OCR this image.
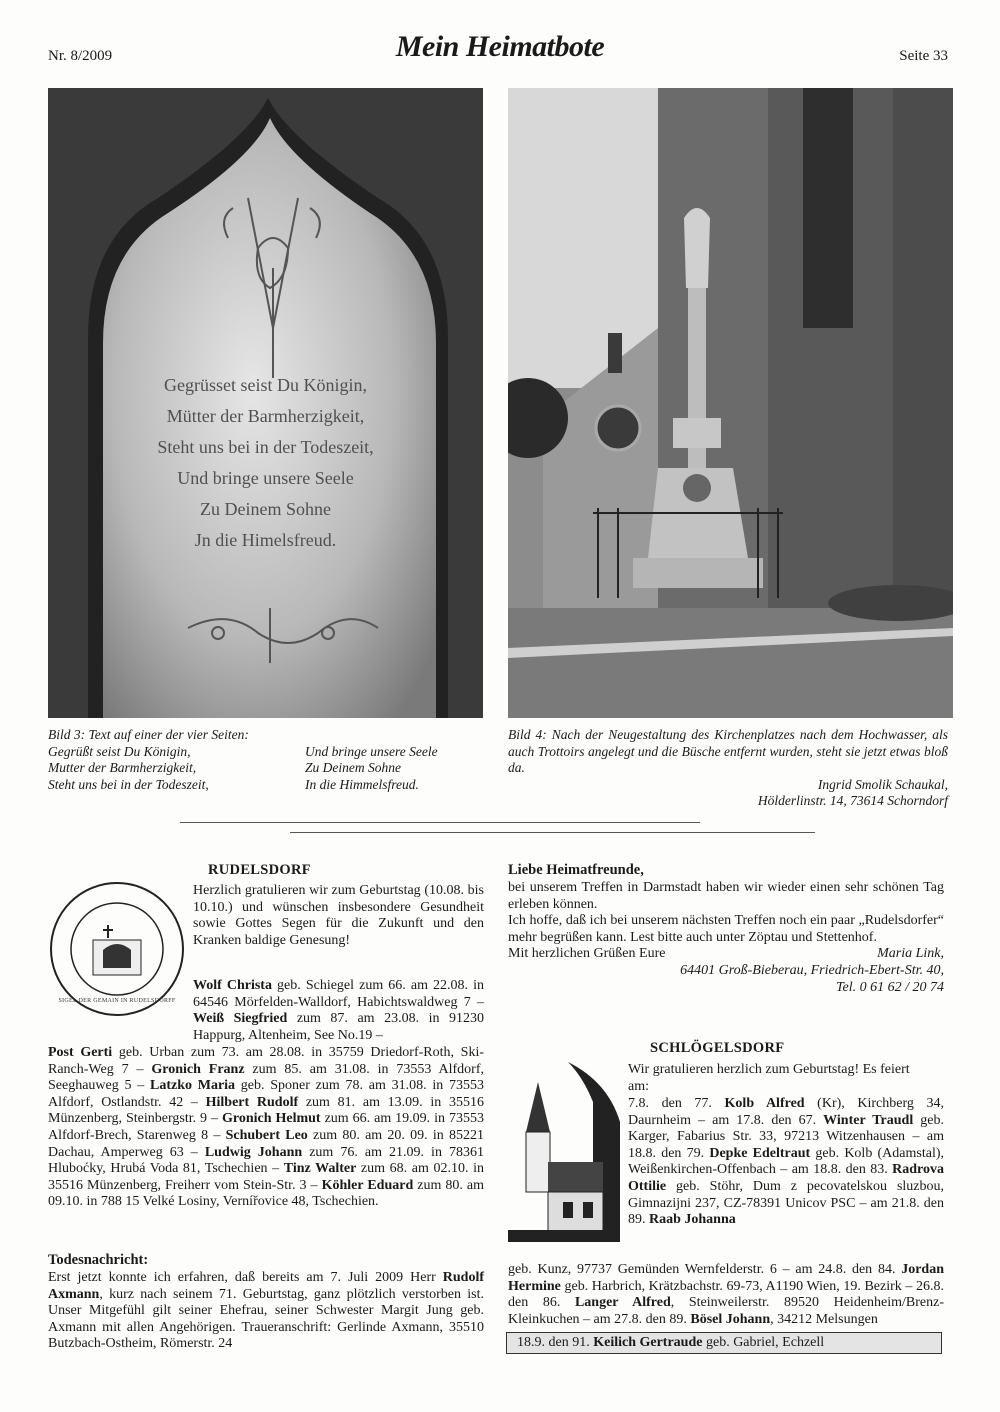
Nr. 8/2009	Mein Heimatbote	Seite 33
Gegrüsset seist Du Königin,
Mütter der Barmherzigkeit,
Steht uns bei in der Todeszeit,
Und bringe unsere Seele
Zu Deinem Sohne
Jn die Himelsfreud.
Bild 3: Text auf einer der vier Seiten:
Gegrüßt seist Du Königin,
Mutter der Barmherzigkeit,
Steht uns bei in der Todeszeit,
Und bringe unsere Seele
Zu Deinem Sohne
In die Himmelsfreud.
Bild 4: Nach der Neugestaltung des Kirchenplatzes nach dem Hochwasser, als auch Trottoirs angelegt und die Büsche entfernt wurden, steht sie jetzt etwas bloß da.
Ingrid Smolik Schaukal,
Hölderlinstr. 14, 73614 Schorndorf
RUDELSDORF
SIGEL DER GEMAIN IN RUDELSDORFF
Herzlich gratulieren wir zum Geburtstag (10.08. bis 10.10.) und wünschen insbesondere Gesundheit sowie Gottes Segen für die Zukunft und den Kranken baldige Genesung!
Wolf Christa geb. Schiegel zum 66. am 22.08. in 64546 Mörfelden-Walldorf, Habichtswaldweg 7 – Weiß Siegfried zum 87. am 23.08. in 91230 Happurg, Altenheim, See No.19 –
Post Gerti geb. Urban zum 73. am 28.08. in 35759 Driedorf-Roth, Ski-Ranch-Weg 7 – Gronich Franz zum 85. am 31.08. in 73553 Alfdorf, Seeghauweg 5 – Latzko Maria geb. Sponer zum 78. am 31.08. in 73553 Alfdorf, Ostlandstr. 42 – Hilbert Rudolf zum 81. am 13.09. in 35516 Münzenberg, Steinbergstr. 9 – Gronich Helmut zum 66. am 19.09. in 73553 Alfdorf-Brech, Starenweg 8 – Schubert Leo zum 80. am 20. 09. in 85221 Dachau, Amperweg 63 – Ludwig Johann zum 76. am 21.09. in 78361 Hluboćky, Hrubá Voda 81, Tschechien – Tinz Walter zum 68. am 02.10. in 35516 Münzenberg, Freiherr vom Stein-Str. 3 – Köhler Eduard zum 80. am 09.10. in 788 15 Velké Losiny, Vernířovice 48, Tschechien.
Todesnachricht:
Erst jetzt konnte ich erfahren, daß bereits am 7. Juli 2009 Herr Rudolf Axmann, kurz nach seinem 71. Geburtstag, ganz plötzlich verstorben ist. Unser Mitgefühl gilt seiner Ehefrau, seiner Schwester Margit Jung geb. Axmann mit allen Angehörigen. Traueranschrift: Gerlinde Axmann, 35510 Butzbach-Ostheim, Römerstr. 24
Liebe Heimatfreunde,
bei unserem Treffen in Darmstadt haben wir wieder einen sehr schönen Tag erleben können.
Ich hoffe, daß ich bei unserem nächsten Treffen noch ein paar „Rudelsdorfer“ mehr begrüßen kann. Lest bitte auch unter Zöptau und Stettenhof.
Mit herzlichen Grüßen Eure	Maria Link,
64401 Groß-Bieberau, Friedrich-Ebert-Str. 40,
Tel. 0 61 62 / 20 74
SCHLÖGELSDORF
Wir gratulieren herzlich zum Geburtstag! Es feiert am:
7.8. den 77. Kolb Alfred (Kr), Kirchberg 34, Daurnheim – am 17.8. den 67. Winter Traudl geb. Karger, Fabarius Str. 33, 97213 Witzenhausen – am 18.8. den 79. Depke Edeltraut geb. Kolb (Adamstal), Weißenkirchen-Offenbach – am 18.8. den 83. Radrova Ottilie geb. Stöhr, Dum z pecovatelskou sluzbou, Gimnazijni 237, CZ-78391 Unicov PSC – am 21.8. den 89. Raab Johanna
geb. Kunz, 97737 Gemünden Wernfelderstr. 6 – am 24.8. den 84. Jordan Hermine geb. Harbrich, Krätzbachstr. 69-73, A1190 Wien, 19. Bezirk – 26.8. den 86. Langer Alfred, Steinweilerstr. 89520 Heidenheim/Brenz-Kleinkuchen – am 27.8. den 89. Bösel Johann, 34212 Melsungen
18.9. den 91. Keilich Gertraude geb. Gabriel, Echzell
